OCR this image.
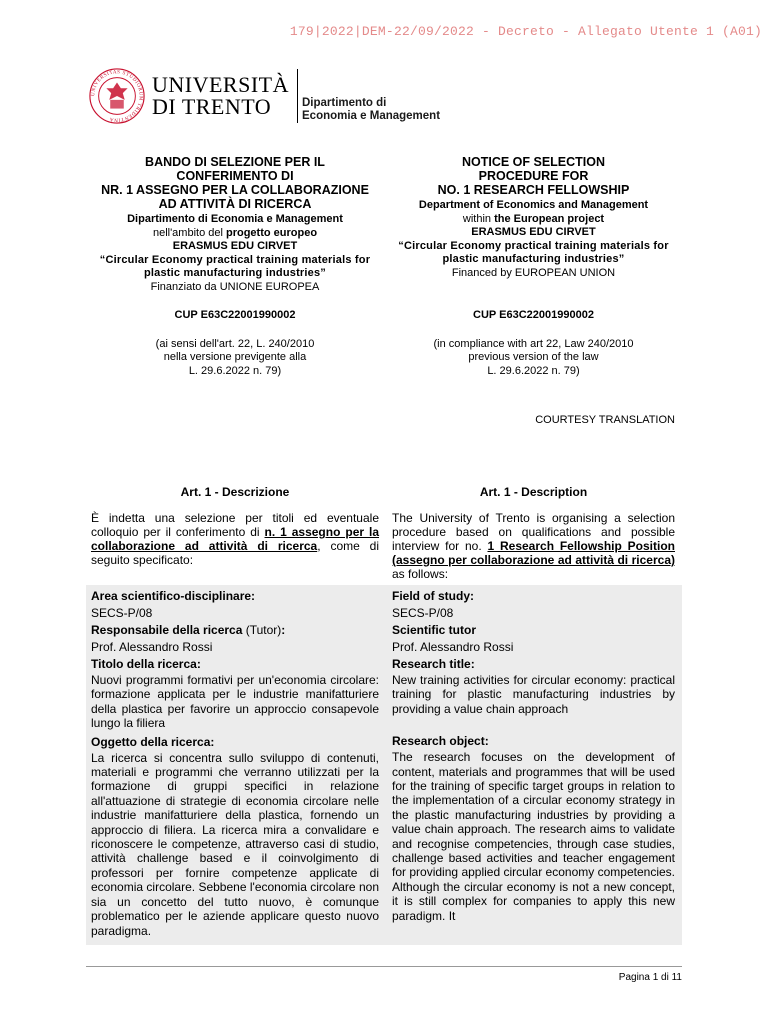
179|2022|DEM-22/09/2022 - Decreto - Allegato Utente 1 (A01)
UNIVERSITAS STUDIORUM TRIDENTINA
UNIVERSITÀ
DI TRENTO	Dipartimento di
Economia e Management
BANDO DI SELEZIONE PER IL
CONFERIMENTO DI
NR. 1 ASSEGNO PER LA COLLABORAZIONE
AD ATTIVITÀ DI RICERCA
Dipartimento di Economia e Management
nell'ambito del progetto europeo
ERASMUS EDU CIRVET
“Circular Economy practical training materials for plastic manufacturing industries”
Finanziato da UNIONE EUROPEA
CUP E63C22001990002
(ai sensi dell'art. 22, L. 240/2010
nella versione previgente alla
L. 29.6.2022 n. 79)
NOTICE OF SELECTION
PROCEDURE FOR
NO. 1 RESEARCH FELLOWSHIP
Department of Economics and Management
within the European project
ERASMUS EDU CIRVET
“Circular Economy practical training materials for plastic manufacturing industries”
Financed by EUROPEAN UNION
CUP E63C22001990002
(in compliance with art 22, Law 240/2010
previous version of the law
L. 29.6.2022 n. 79)
COURTESY TRANSLATION
Art. 1 - Descrizione
È indetta una selezione per titoli ed eventuale colloquio per il conferimento di n. 1 assegno per la collaborazione ad attività di ricerca, come di seguito specificato:
Art. 1 - Description
The University of Trento is organising a selection procedure based on qualifications and possible interview for no. 1 Research Fellowship Position (assegno per collaborazione ad attività di ricerca) as follows:
Area scientifico-disciplinare:
SECS-P/08
Responsabile della ricerca (Tutor):
Prof. Alessandro Rossi
Titolo della ricerca:
Nuovi programmi formativi per un'economia circolare: formazione applicata per le industrie manifatturiere della plastica per favorire un approccio consapevole lungo la filiera
Oggetto della ricerca:
La ricerca si concentra sullo sviluppo di contenuti, materiali e programmi che verranno utilizzati per la formazione di gruppi specifici in relazione all'attuazione di strategie di economia circolare nelle industrie manifatturiere della plastica, fornendo un approccio di filiera. La ricerca mira a convalidare e riconoscere le competenze, attraverso casi di studio, attività challenge based e il coinvolgimento di professori per fornire competenze applicate di economia circolare. Sebbene l'economia circolare non sia un concetto del tutto nuovo, è comunque problematico per le aziende applicare questo nuovo paradigma.
Field of study:
SECS-P/08
Scientific tutor
Prof. Alessandro Rossi
Research title:
New training activities for circular economy: practical training for plastic manufacturing industries by providing a value chain approach
Research object:
The research focuses on the development of content, materials and programmes that will be used for the training of specific target groups in relation to the implementation of a circular economy strategy in the plastic manufacturing industries by providing a value chain approach. The research aims to validate and recognise competencies, through case studies, challenge based activities and teacher engagement for providing applied circular economy competencies. Although the circular economy is not a new concept, it is still complex for companies to apply this new paradigm. It
Pagina 1 di 11
